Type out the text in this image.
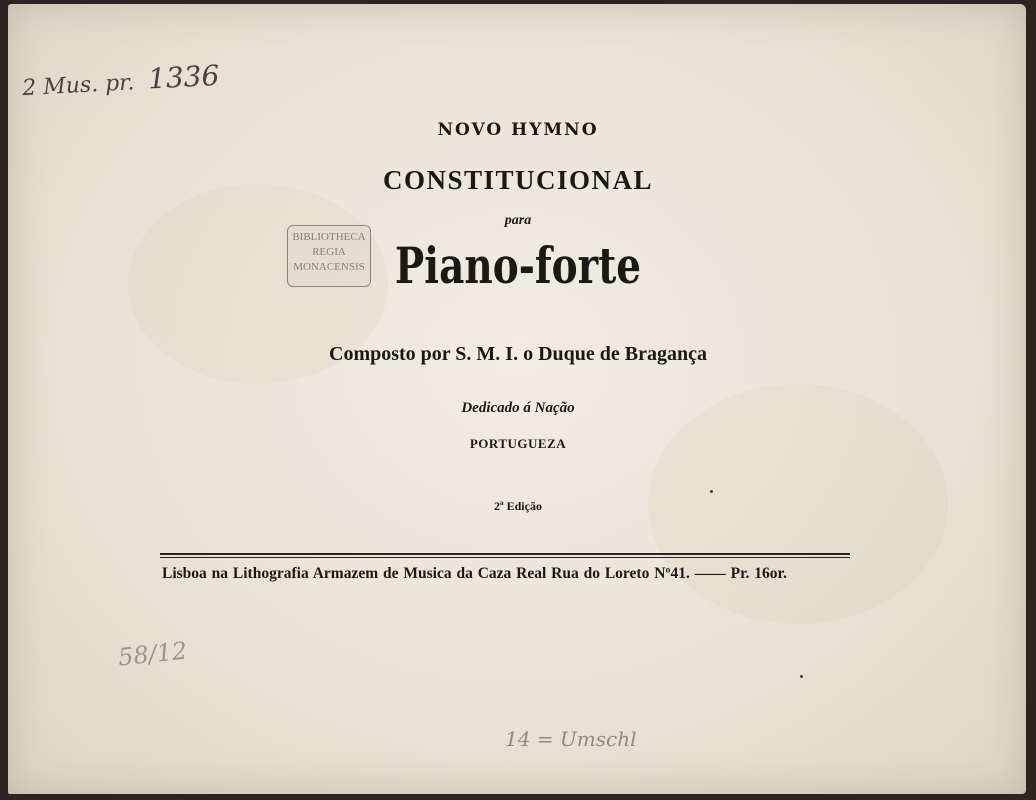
2 Mus. pr. 1336
NOVO HYMNO
CONSTITUCIONAL
para
Piano-forte
BIBLIOTHECA
REGIA
MONACENSIS
Composto por S. M. I. o Duque de Bragança
Dedicado á Nação
PORTUGUEZA
2ª Edição
Lisboa na Lithografia Armazem de Musica da Caza Real Rua do Loreto Nº41. —— Pr. 16or.
58/12
14 = Umschl
